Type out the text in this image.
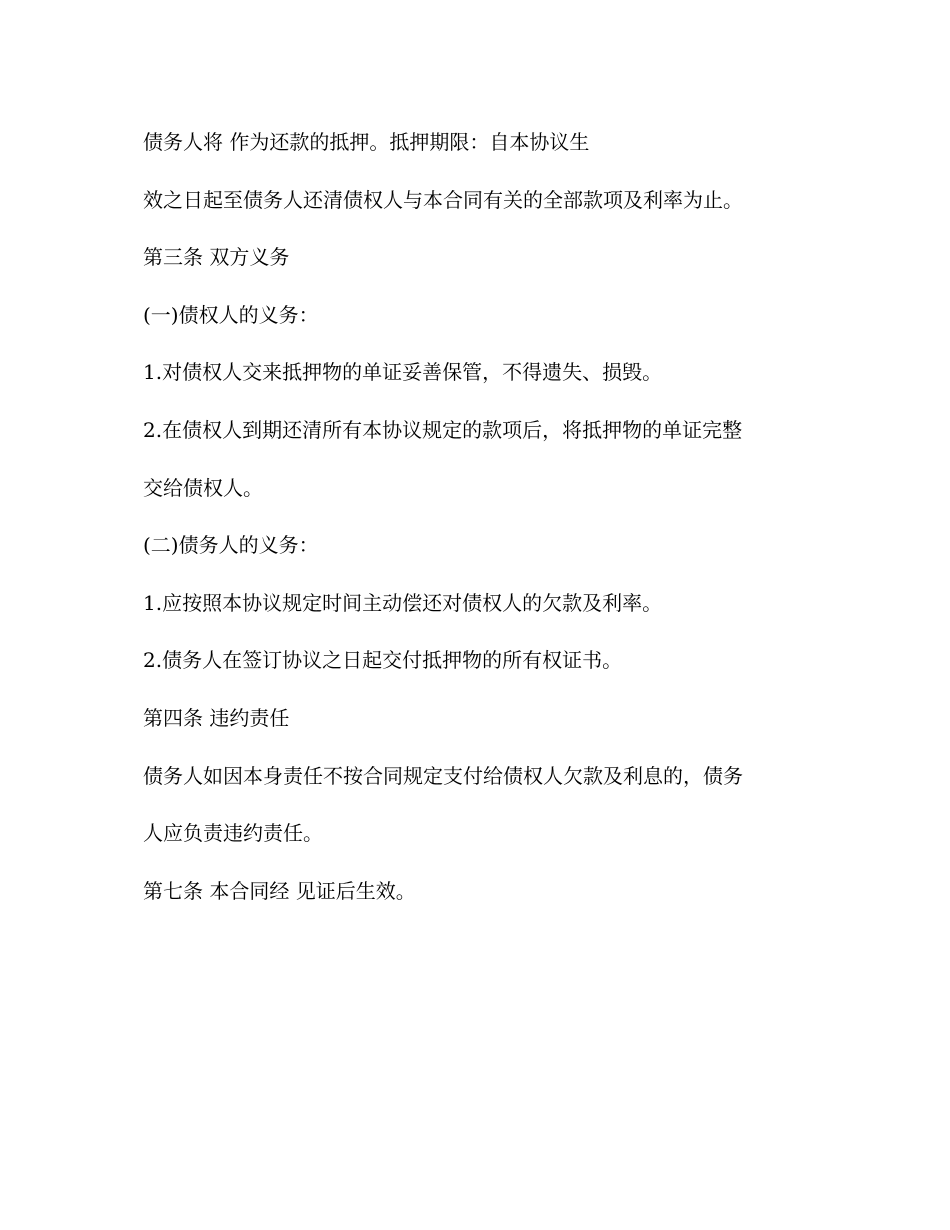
债务人将 作为还款的抵押。抵押期限：自本协议生
效之日起至债务人还清债权人与本合同有关的全部款项及利率为止。
第三条 双方义务
(一)债权人的义务：
1.对债权人交来抵押物的单证妥善保管，不得遗失、损毁。
2.在债权人到期还清所有本协议规定的款项后，将抵押物的单证完整
交给债权人。
(二)债务人的义务：
1.应按照本协议规定时间主动偿还对债权人的欠款及利率。
2.债务人在签订协议之日起交付抵押物的所有权证书。
第四条 违约责任
债务人如因本身责任不按合同规定支付给债权人欠款及利息的，债务
人应负责违约责任。
第七条 本合同经 见证后生效。
